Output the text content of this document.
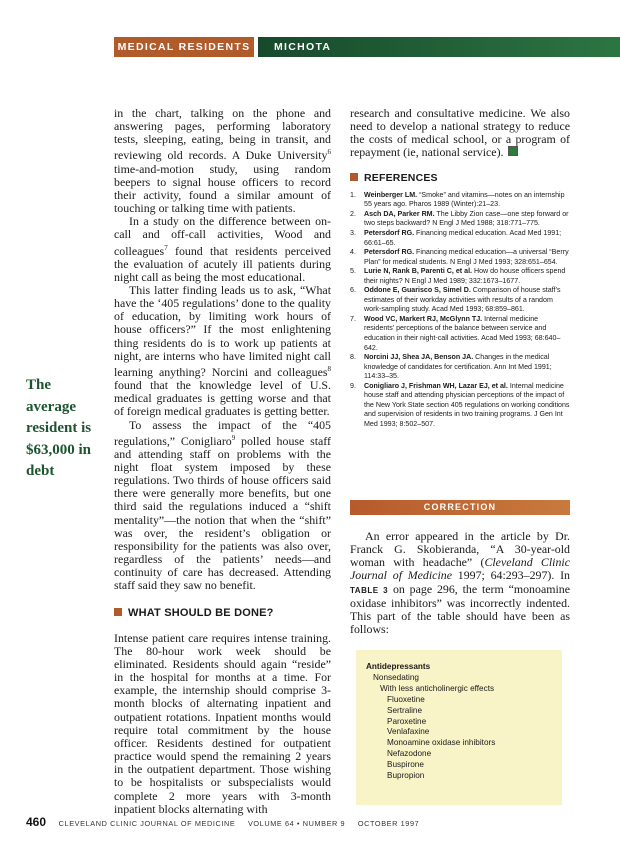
MEDICAL RESIDENTS	MICHOTA
The average resident is $63,000 in debt

in the chart, talking on the phone and answering pages, performing laboratory tests, sleeping, eating, being in transit, and reviewing old records. A Duke University$^6$ time-and-motion study, using random beepers to signal house officers to record their activity, found a similar amount of touching or talking time with patients.

In a study on the difference between on-call and off-call activities, Wood and colleagues$^7$ found that residents perceived the evaluation of acutely ill patients during night call as being the most educational.

This latter finding leads us to ask, “What have the ‘405 regulations’ done to the quality of education, by limiting work hours of house officers?” If the most enlightening thing residents do is to work up patients at night, are interns who have limited night call learning anything? Norcini and colleagues$^8$ found that the knowledge level of U.S. medical graduates is getting worse and that of foreign medical graduates is getting better.

To assess the impact of the “405 regulations,” Conigliaro$^9$ polled house staff and attending staff on problems with the night float system imposed by these regulations. Two thirds of house officers said there were generally more benefits, but one third said the regulations induced a “shift mentality”—the notion that when the “shift” was over, the resident’s obligation or responsibility for the patients was also over, regardless of the patients’ needs—and continuity of care has decreased. Attending staff said they saw no benefit.

WHAT SHOULD BE DONE?

Intense patient care requires intense training. The 80-hour work week should be eliminated. Residents should again “reside” in the hospital for months at a time. For example, the internship should comprise 3-month blocks of alternating inpatient and outpatient rotations. Inpatient months would require total commitment by the house officer. Residents destined for outpatient practice would spend the remaining 2 years in the outpatient department. Those wishing to be hospitalists or subspecialists would complete 2 more years with 3-month inpatient blocks alternating with

research and consultative medicine. We also need to develop a national strategy to reduce the costs of medical school, or a program of repayment (ie, national service).

REFERENCES

1. Weinberger LM. “Smoke” and vitamins—notes on an internship 55 years ago. Pharos 1989 (Winter):21–23.

2. Asch DA, Parker RM. The Libby Zion case—one step forward or two steps backward? N Engl J Med 1988; 318:771–775.

3. Petersdorf RG. Financing medical education. Acad Med 1991; 66:61–65.

4. Petersdorf RG. Financing medical education—a universal “Berry Plan” for medical students. N Engl J Med 1993; 328:651–654.

5. Lurie N, Rank B, Parenti C, et al. How do house officers spend their nights? N Engl J Med 1989; 332:1673–1677.

6. Oddone E, Guarisco S, Simel D. Comparison of house staff’s estimates of their workday activities with results of a random work-sampling study. Acad Med 1993; 68:859–861.

7. Wood VC, Markert RJ, McGlynn TJ. Internal medicine residents’ perceptions of the balance between service and education in their night-call activities. Acad Med 1993; 68:640–642.

8. Norcini JJ, Shea JA, Benson JA. Changes in the medical knowledge of candidates for certification. Ann Int Med 1991; 114:33–35.

9. Conigliaro J, Frishman WH, Lazar EJ, et al. Internal medicine house staff and attending physician perceptions of the impact of the New York State section 405 regulations on working conditions and supervision of residents in two training programs. J Gen Int Med 1993; 8:502–507.

CORRECTION

An error appeared in the article by Dr. Franck G. Skobieranda, “A 30-year-old woman with headache” (Cleveland Clinic Journal of Medicine 1997; 64:293–297). In TABLE 3 on page 296, the term “monoamine oxidase inhibitors” was incorrectly indented. This part of the table should have been as follows:

Antidepressants
Nonsedating
With less anticholinergic effects
Fluoxetine
Sertraline
Paroxetine
Venlafaxine
Monoamine oxidase inhibitors
Nefazodone
Buspirone
Bupropion
460 CLEVELAND CLINIC JOURNAL OF MEDICINE VOLUME 64 • NUMBER 9 OCTOBER 1997
